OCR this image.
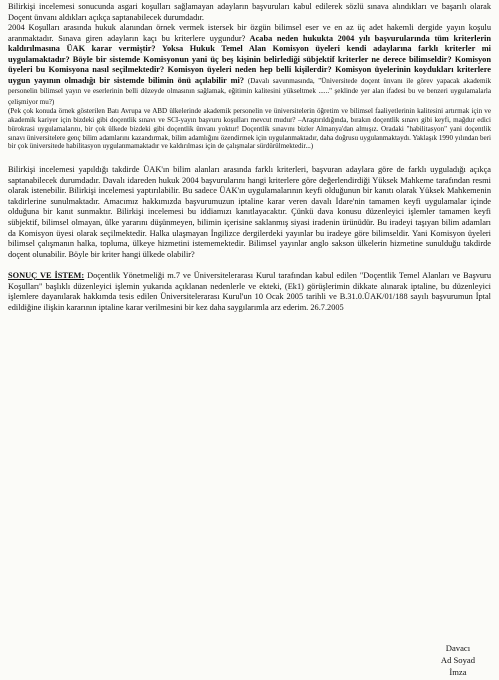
Bilirkişi incelemesi sonucunda asgari koşulları sağlamayan adayların başvuruları kabul edilerek sözlü sınava alındıkları ve başarılı olarak Doçent ünvanı aldıkları açıkça saptanabilecek durumdadır.
2004 Koşulları arasında hukuk alanından örnek vermek istersek bir özgün bilimsel eser ve en az üç adet hakemli dergide yayın koşulu aranmaktadır. Sınava giren adayların kaçı bu kriterlere uygundur? Acaba neden hukukta 2004 yılı başvurularında tüm kriterlerin kaldırılmasına ÜAK karar vermiştir? Yoksa Hukuk Temel Alan Komisyon üyeleri kendi adaylarına farklı kriterler mi uygulamaktadır? Böyle bir sistemde Komisyonun yani üç beş kişinin belirlediği sübjektif kriterler ne derece bilimseldir? Komisyon üyeleri bu Komisyona nasıl seçilmektedir? Komisyon üyeleri neden hep belli kişilerdir? Komisyon üyelerinin koydukları kriterlere uygun yayının olmadığı bir sistemde bilimin önü açılabilir mi? (Davalı savunmasında, "Üniversitede doçent ünvanı ile görev yapacak akademik personelin bilimsel yayın ve eserlerinin belli düzeyde olmasının sağlamak, eğitimin kalitesini yükseltmek ......" şeklinde yer alan ifadesi bu ve benzeri uygulamalarla çelişmiyor mu?)

(Pek çok konuda örnek gösterilen Batı Avrupa ve ABD ülkelerinde akademik personelin ve üniversitelerin öğretim ve bilimsel faaliyetlerinin kalitesini artırmak için ve akademik kariyer için bizdeki gibi doçentlik sınavı ve SCI-yayın başvuru koşulları mevcut mudur? –Araştırıldığında, bırakın doçentlik sınavı gibi keyfi, mağdur edici bürokrasi uygulamalarını, bir çok ülkede bizdeki gibi doçentlik ünvanı yoktur! Doçentlik sınavını bizler Almanya'dan almışız. Oradaki "habilitasyon" yani doçentlik sınavı üniversitelere genç bilim adamlarını kazandırmak, bilim adamlığını özendirmek için uygulanmaktadır, daha doğrusu uygulanmaktaydı. Yaklaşık 1990 yılından beri bir çok üniversitede habilitasyon uygulanmamaktadır ve kaldırılması için de çalışmalar sürdürülmektedir...)

Bilirkişi incelemesi yapıldığı takdirde ÜAK'ın bilim alanları arasında farklı kriterleri, başvuran adaylara göre de farklı uyguladığı açıkça saptanabilecek durumdadır. Davalı idareden hukuk 2004 başvurularını hangi kriterlere göre değerlendirdiği Yüksek Mahkeme tarafından resmi olarak istenebilir. Bilirkişi incelemesi yaptırılabilir. Bu sadece ÜAK'ın uygulamalarının keyfi olduğunun bir kanıtı olarak Yüksek Mahkemenin takdirlerine sunulmaktadır. Amacımız hakkımızda başvurumuzun iptaline karar veren davalı İdare'nin tamamen keyfi uygulamalar içinde olduğuna bir kanıt sunmaktır. Bilirkişi incelemesi bu iddiamızı kanıtlayacaktır. Çünkü dava konusu düzenleyici işlemler tamamen keyfi sübjektif, bilimsel olmayan, ülke yararını düşünmeyen, bilimin içerisine saklanmış siyasi iradenin ürünüdür. Bu iradeyi taşıyan bilim adamları da Komisyon üyesi olarak seçilmektedir. Halka ulaşmayan İngilizce dergilerdeki yayınlar bu iradeye göre bilimseldir. Yani Komisyon üyeleri bilimsel çalışmanın halka, topluma, ülkeye hizmetini istememektedir. Bilimsel yayınlar anglo sakson ülkelerin hizmetine sunulduğu takdirde doçent olunabilir. Böyle bir kriter hangi ülkede olabilir?

SONUÇ VE İSTEM: Doçentlik Yönetmeliği m.7 ve Üniversitelerarası Kurul tarafından kabul edilen "Doçentlik Temel Alanları ve Başvuru Koşulları" başlıklı düzenleyici işlemin yukarıda açıklanan nedenlerle ve ekteki, (Ek1) görüşlerimin dikkate alınarak iptaline, bu düzenleyici işlemlere dayanılarak hakkımda tesis edilen Üniversitelerarası Kurul'un 10 Ocak 2005 tarihli ve B.31.0.ÜAK/01/188 sayılı başvurumun İptal edildiğine ilişkin kararının iptaline karar verilmesini bir kez daha saygılarımla arz ederim. 26.7.2005

Davacı
Ad Soyad
İmza
